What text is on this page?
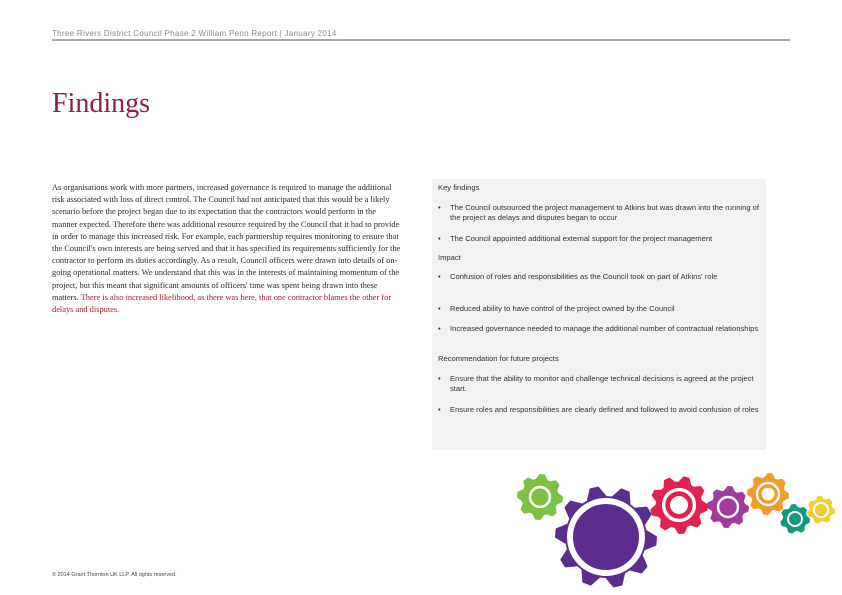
Three Rivers District Council Phase 2 William Penn Report | January 2014
Findings
As organisations work with more partners, increased governance is required to manage the additional risk associated with loss of direct control. The Council had not anticipated that this would be a likely scenario before the project began due to its expectation that the contractors would perform in the manner expected. Therefore there was additional resource required by the Council that it had to provide in order to manage this increased risk. For example, each partnership requires monitoring to ensure that the Council's own interests are being served and that it has specified its requirements sufficiently for the contractor to perform its duties accordingly. As a result, Council officers were drawn into details of on-going operational matters. We understand that this was in the interests of maintaining momentum of the project, but this meant that significant amounts of officers' time was spent being drawn into these matters. There is also increased likelihood, as there was here, that one contractor blames the other for delays and disputes.
Key findings
• The Council outsourced the project management to Atkins but was drawn into the running of the project as delays and disputes began to occur
• The Council appointed additional external support for the project management
Impact
• Confusion of roles and responsibilities as the Council took on part of Atkins' role
• Reduced ability to have control of the project owned by the Council
• Increased governance needed to manage the additional number of contractual relationships
Recommendation for future projects
• Ensure that the ability to monitor and challenge technical decisions is agreed at the project start.
• Ensure roles and responsibilities are clearly defined and followed to avoid confusion of roles
© 2014 Grant Thornton UK LLP. All rights reserved.
